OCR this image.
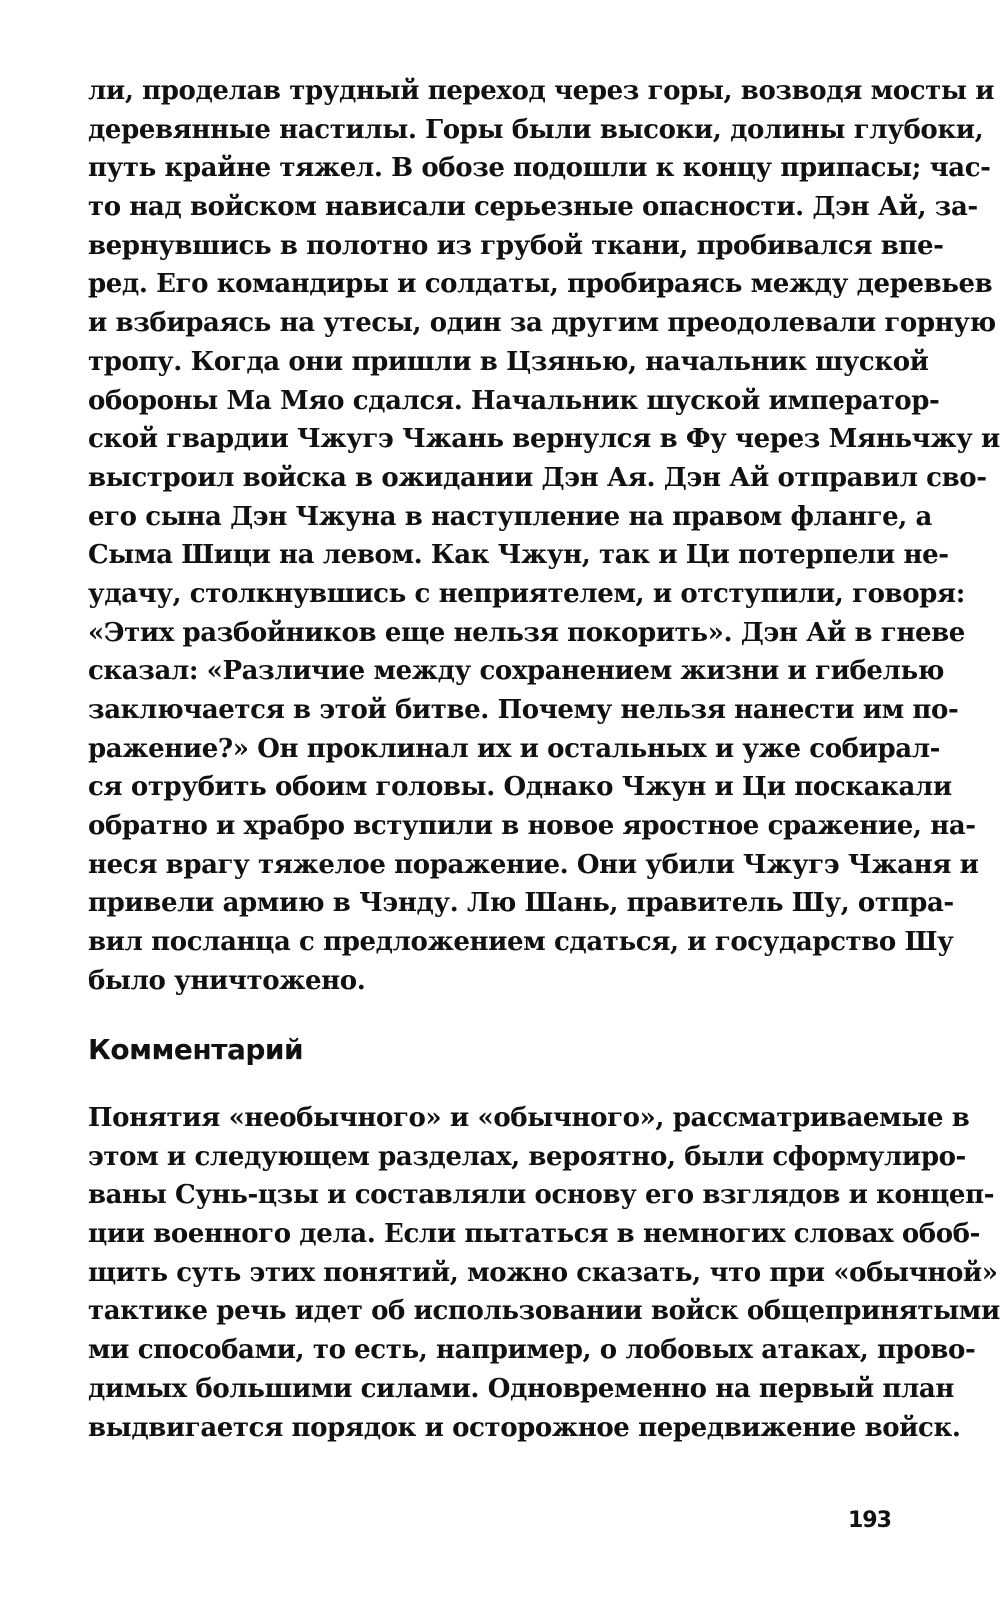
ли, проделав трудный переход через горы, возводя мосты и
деревянные настилы. Горы были высоки, долины глубоки,
путь крайне тяжел. В обозе подошли к концу припасы; час-
то над войском нависали серьезные опасности. Дэн Ай, за-
вернувшись в полотно из грубой ткани, пробивался впе-
ред. Его командиры и солдаты, пробираясь между деревьев
и взбираясь на утесы, один за другим преодолевали горную
тропу. Когда они пришли в Цзянью, начальник шуской
обороны Ма Мяо сдался. Начальник шуской император-
ской гвардии Чжугэ Чжань вернулся в Фу через Мяньчжу и
выстроил войска в ожидании Дэн Ая. Дэн Ай отправил сво-
его сына Дэн Чжуна в наступление на правом фланге, а
Сыма Шици на левом. Как Чжун, так и Ци потерпели не-
удачу, столкнувшись с неприятелем, и отступили, говоря:
«Этих разбойников еще нельзя покорить». Дэн Ай в гневе
сказал: «Различие между сохранением жизни и гибелью
заключается в этой битве. Почему нельзя нанести им по-
ражение?» Он проклинал их и остальных и уже собирал-
ся отрубить обоим головы. Однако Чжун и Ци поскакали
обратно и храбро вступили в новое яростное сражение, на-
неся врагу тяжелое поражение. Они убили Чжугэ Чжаня и
привели армию в Чэнду. Лю Шань, правитель Шу, отпра-
вил посланца с предложением сдаться, и государство Шу
было уничтожено.
Комментарий
Понятия «необычного» и «обычного», рассматриваемые в
этом и следующем разделах, вероятно, были сформулиро-
ваны Сунь-цзы и составляли основу его взглядов и концеп-
ции военного дела. Если пытаться в немногих словах обоб-
щить суть этих понятий, можно сказать, что при «обычной»
тактике речь идет об использовании войск общепринятыми
ми способами, то есть, например, о лобовых атаках, прово-
димых большими силами. Одновременно на первый план
выдвигается порядок и осторожное передвижение войск.
193
